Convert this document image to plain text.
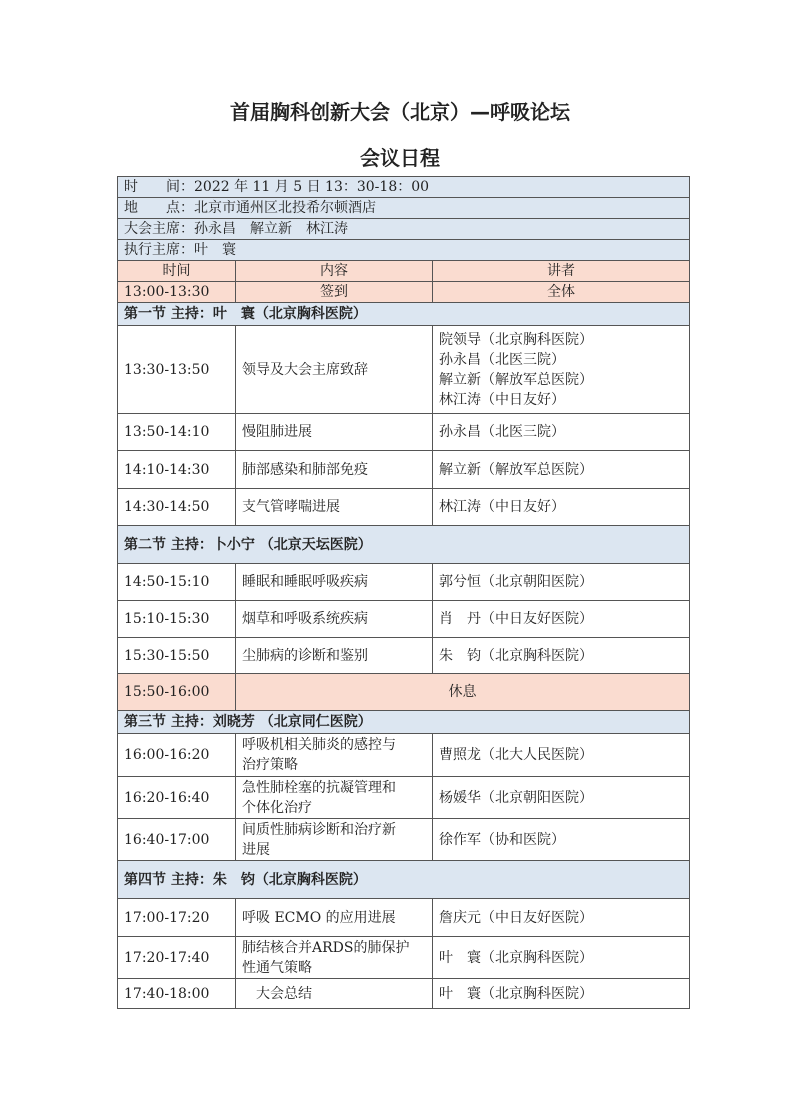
首届胸科创新大会（北京）—呼吸论坛
会议日程
时　　间：2022 年 11 月 5 日 13：30-18：00		
地　　点：北京市通州区北投希尔顿酒店		
大会主席：孙永昌　解立新　林江涛		
执行主席：叶　寰		
时间	内容	讲者
13:00-13:30	签到	全体
第一节 主持：叶　寰（北京胸科医院）		
13:30-13:50	领导及大会主席致辞	院领导（北京胸科医院）
孙永昌（北医三院）
解立新（解放军总医院）
林江涛（中日友好）

13:50-14:10	慢阻肺进展	孙永昌（北医三院）
14:10-14:30	肺部感染和肺部免疫	解立新（解放军总医院）
14:30-14:50	支气管哮喘进展	林江涛（中日友好）
第二节 主持：卜小宁 （北京天坛医院）		
14:50-15:10	睡眠和睡眠呼吸疾病	郭兮恒（北京朝阳医院）
15:10-15:30	烟草和呼吸系统疾病	肖　丹（中日友好医院）
15:30-15:50	尘肺病的诊断和鉴别	朱　钧（北京胸科医院）
15:50-16:00	休息	
第三节 主持：刘晓芳 （北京同仁医院）		
16:00-16:20	呼吸机相关肺炎的感控与
治疗策略	曹照龙（北大人民医院）
16:20-16:40	急性肺栓塞的抗凝管理和
个体化治疗	杨媛华（北京朝阳医院）
16:40-17:00	间质性肺病诊断和治疗新
进展	徐作军（协和医院）
第四节 主持：朱　钧（北京胸科医院）		
17:00-17:20	呼吸 ECMO 的应用进展	詹庆元（中日友好医院）
17:20-17:40	肺结核合并ARDS的肺保护
性通气策略	叶　寰（北京胸科医院）
17:40-18:00	　大会总结	叶　寰（北京胸科医院）
